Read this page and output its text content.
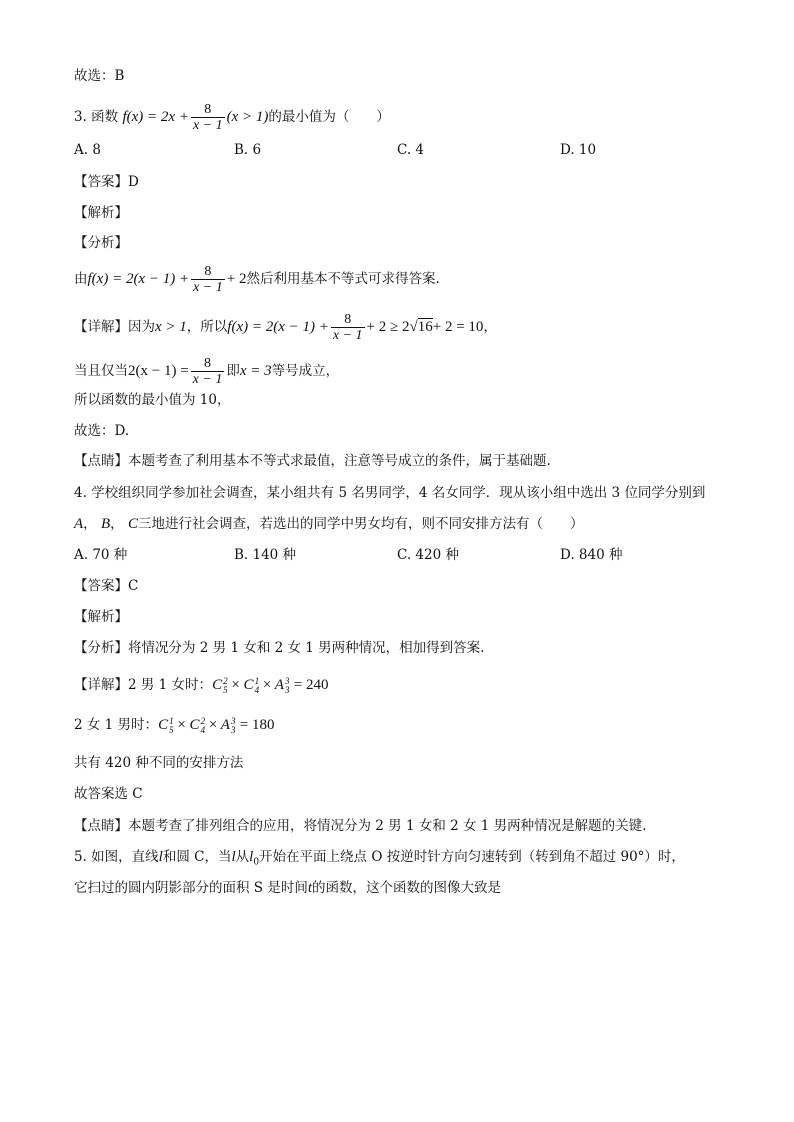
故选：B
3. 函数 $f(x) = 2x + \frac{8}{x - 1} (x > 1)$的最小值为（　　）
A. 8	B. 6	C. 4	D. 10
【答案】D
【解析】
【分析】
由$f(x) = 2(x - 1) + \frac{8}{x - 1} + 2$然后利用基本不等式可求得答案.
【详解】因为x > 1，所以$f(x) = 2(x - 1) + \frac{8}{x - 1} + 2 \ge 2√16+ 2 = 10$，
当且仅当$2(x - 1) = \frac{8}{x - 1}$ 即x = 3等号成立，
所以函数的最小值为 10，
故选：D.
【点睛】本题考查了利用基本不等式求最值，注意等号成立的条件，属于基础题.
4. 学校组织同学参加社会调查，某小组共有 5 名男同学，4 名女同学．现从该小组中选出 3 位同学分别到
A， B， C三地进行社会调查，若选出的同学中男女均有，则不同安排方法有（　　）
A. 70 种	B. 140 种	C. 420 种	D. 840 种
【答案】C
【解析】
【分析】将情况分为 2 男 1 女和 2 女 1 男两种情况，相加得到答案.
【详解】2 男 1 女时：C 2
5 × C 1
4 × A 3
3 = 240
2 女 1 男时：C 1
5 × C 2
4 × A 3
3 = 180
共有 420 种不同的安排方法
故答案选 C
【点睛】本题考查了排列组合的应用，将情况分为 2 男 1 女和 2 女 1 男两种情况是解题的关键.
5. 如图，直线l和圆 C，当l从$l_0$开始在平面上绕点 O 按逆时针方向匀速转到（转到角不超过 90°）时，
它扫过的圆内阴影部分的面积 S 是时间t的函数，这个函数的图像大致是
